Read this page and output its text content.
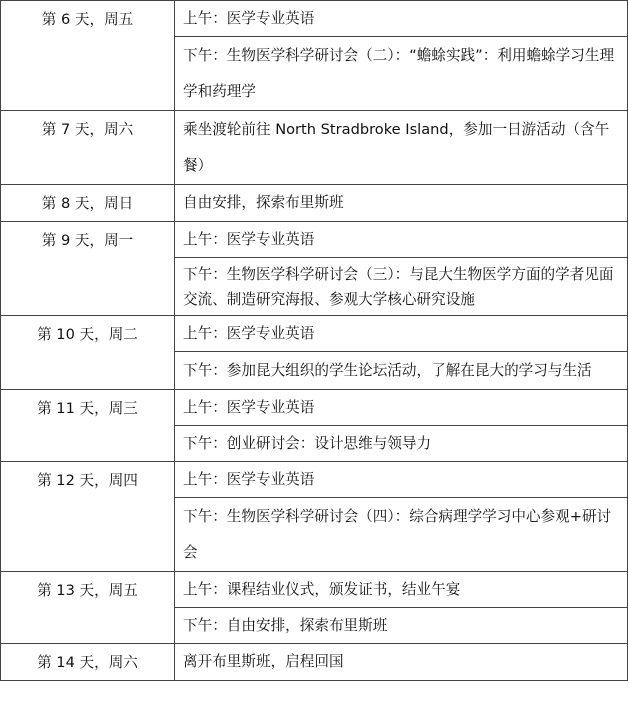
第 6 天，周五	上午：医学专业英语

	下午：生物医学科学研讨会（二）：“蟾蜍实践”：利用蟾蜍学习生理学和药理学

第 7 天，周六	乘坐渡轮前往 North Stradbroke Island，参加一日游活动（含午餐）

第 8 天，周日	自由安排，探索布里斯班

第 9 天，周一	上午：医学专业英语

	下午：生物医学科学研讨会（三）：与昆大生物医学方面的学者见面交流、制造研究海报、参观大学核心研究设施

第 10 天，周二	上午：医学专业英语

	下午：参加昆大组织的学生论坛活动，了解在昆大的学习与生活

第 11 天，周三	上午：医学专业英语

	下午：创业研讨会：设计思维与领导力

第 12 天，周四	上午：医学专业英语

	下午：生物医学科学研讨会（四）：综合病理学学习中心参观+研讨会

第 13 天，周五	上午：课程结业仪式，颁发证书，结业午宴

	下午：自由安排，探索布里斯班

第 14 天，周六	离开布里斯班，启程回国
